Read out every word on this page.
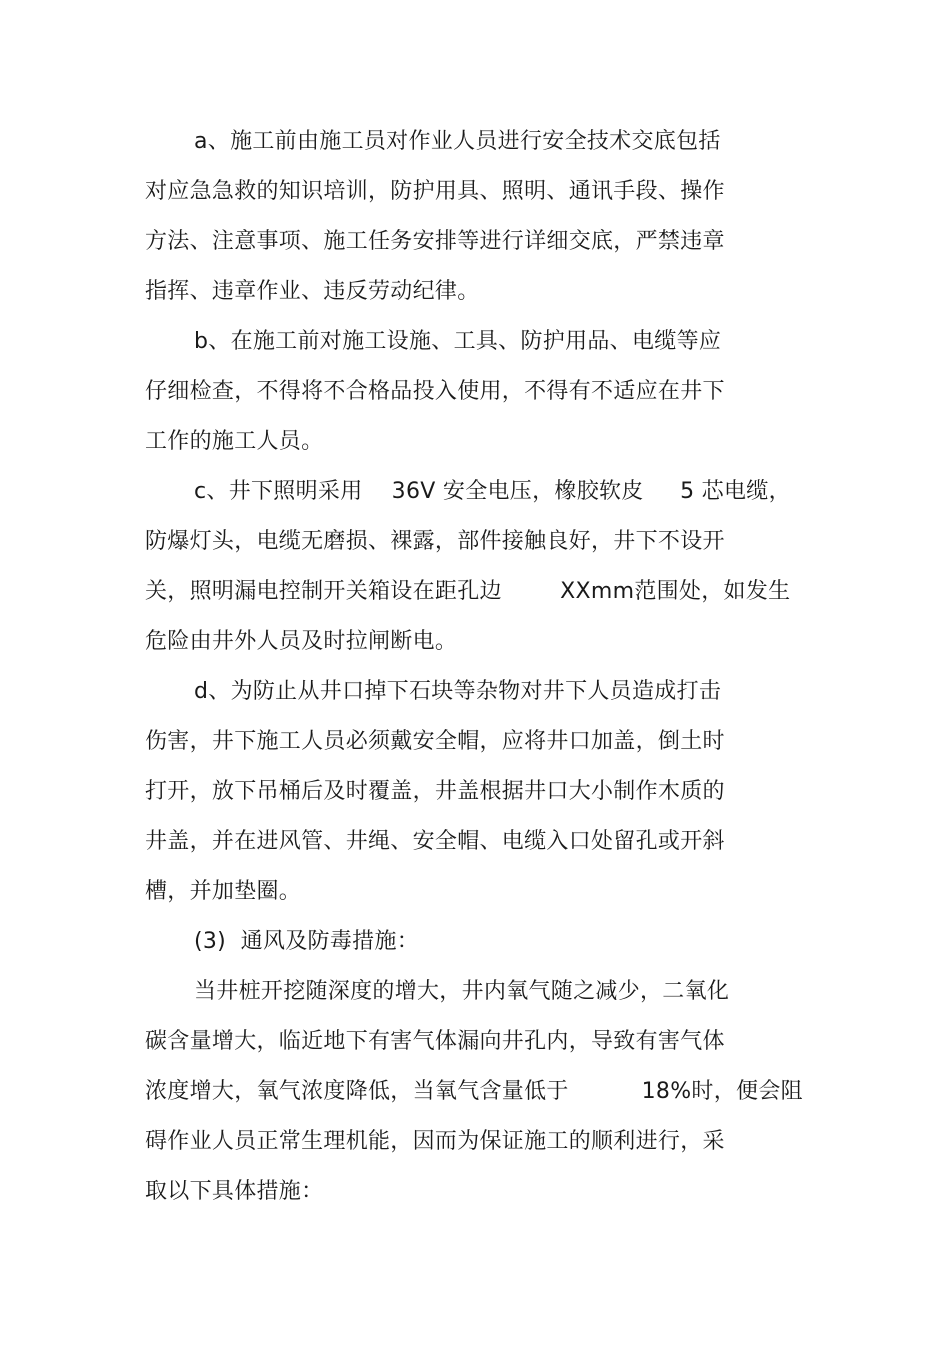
a、施工前由施工员对作业人员进行安全技术交底包括
对应急急救的知识培训，防护用具、照明、通讯手段、操作
方法、注意事项、施工任务安排等进行详细交底，严禁违章
指挥、违章作业、违反劳动纪律。
b、在施工前对施工设施、工具、防护用品、电缆等应
仔细检查，不得将不合格品投入使用，不得有不适应在井下
工作的施工人员。
c、井下照明采用    36V 安全电压，橡胶软皮     5 芯电缆，
防爆灯头，电缆无磨损、裸露，部件接触良好，井下不设开
关，照明漏电控制开关箱设在距孔边        XXmm范围处，如发生
危险由井外人员及时拉闸断电。
d、为防止从井口掉下石块等杂物对井下人员造成打击
伤害，井下施工人员必须戴安全帽，应将井口加盖，倒土时
打开，放下吊桶后及时覆盖，井盖根据井口大小制作木质的
井盖，并在进风管、井绳、安全帽、电缆入口处留孔或开斜
槽，并加垫圈。
(3)  通风及防毒措施：
当井桩开挖随深度的增大，井内氧气随之减少，二氧化
碳含量增大，临近地下有害气体漏向井孔内，导致有害气体
浓度增大，氧气浓度降低，当氧气含量低于          18%时，便会阻
碍作业人员正常生理机能，因而为保证施工的顺利进行，采
取以下具体措施：
